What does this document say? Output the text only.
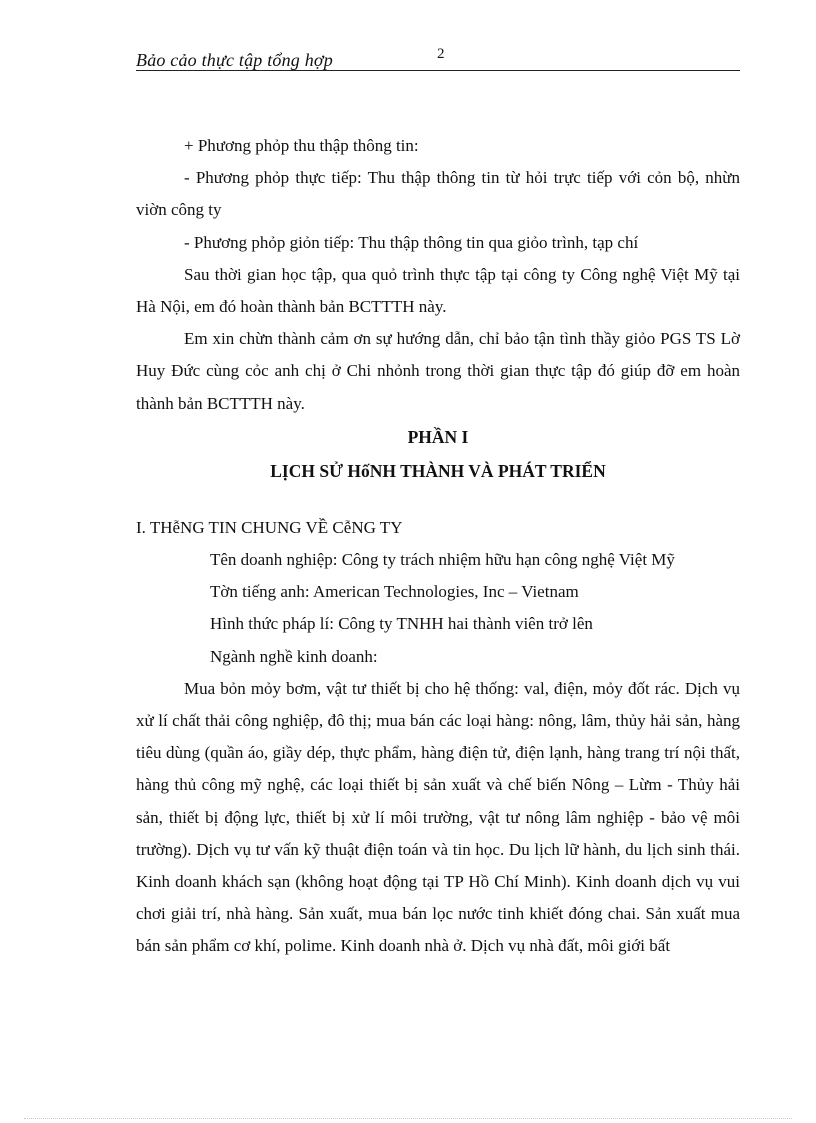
Bảo cảo thực tập tổng hợp	2

+ Phương phỏp thu thập thông tin:

- Phương phỏp thực tiếp: Thu thập thông tin từ hỏi trực tiếp với cỏn bộ, nhừn viờn công ty

- Phương phỏp giỏn tiếp: Thu thập thông tin qua giỏo trình, tạp chí

Sau thời gian học tập, qua quỏ trình thực tập tại công ty Công nghệ Việt Mỹ tại Hà Nội, em đó hoàn thành bản BCTTTH này.

Em xin chừn thành cảm ơn sự hướng dẫn, chỉ bảo tận tình thầy giỏo PGS TS Lờ Huy Đức cùng cỏc anh chị ở Chi nhỏnh trong thời gian thực tập đó giúp đỡ em hoàn thành bản BCTTTH này.

PHẦN I

LỊCH SỬ HốNH THÀNH VÀ PHÁT TRIỂN

I. THễNG TIN CHUNG VỀ CễNG TY

Tên doanh nghiệp: Công ty trách nhiệm hữu hạn công nghệ Việt Mỹ

Tờn tiếng anh: American Technologies, Inc – Vietnam

Hình thức pháp lí: Công ty TNHH hai thành viên trở lên

Ngành nghề kinh doanh:

Mua bỏn mỏy bơm, vật tư thiết bị cho hệ thống: val, điện, mỏy đốt rác. Dịch vụ xử lí chất thải công nghiệp, đô thị; mua bán các loại hàng: nông, lâm, thủy hải sản, hàng tiêu dùng (quần áo, giầy dép, thực phẩm, hàng điện tử, điện lạnh, hàng trang trí nội thất, hàng thủ công mỹ nghệ, các loại thiết bị sản xuất và chế biến Nông – Lừm - Thủy hải sản, thiết bị động lực, thiết bị xử lí môi trường, vật tư nông lâm nghiệp - bảo vệ môi trường). Dịch vụ tư vấn kỹ thuật điện toán và tin học. Du lịch lữ hành, du lịch sinh thái. Kinh doanh khách sạn (không hoạt động tại TP Hồ Chí Minh). Kinh doanh dịch vụ vui chơi giải trí, nhà hàng. Sản xuất, mua bán lọc nước tinh khiết đóng chai. Sản xuất mua bán sản phẩm cơ khí, polime. Kinh doanh nhà ở. Dịch vụ nhà đất, môi giới bất
